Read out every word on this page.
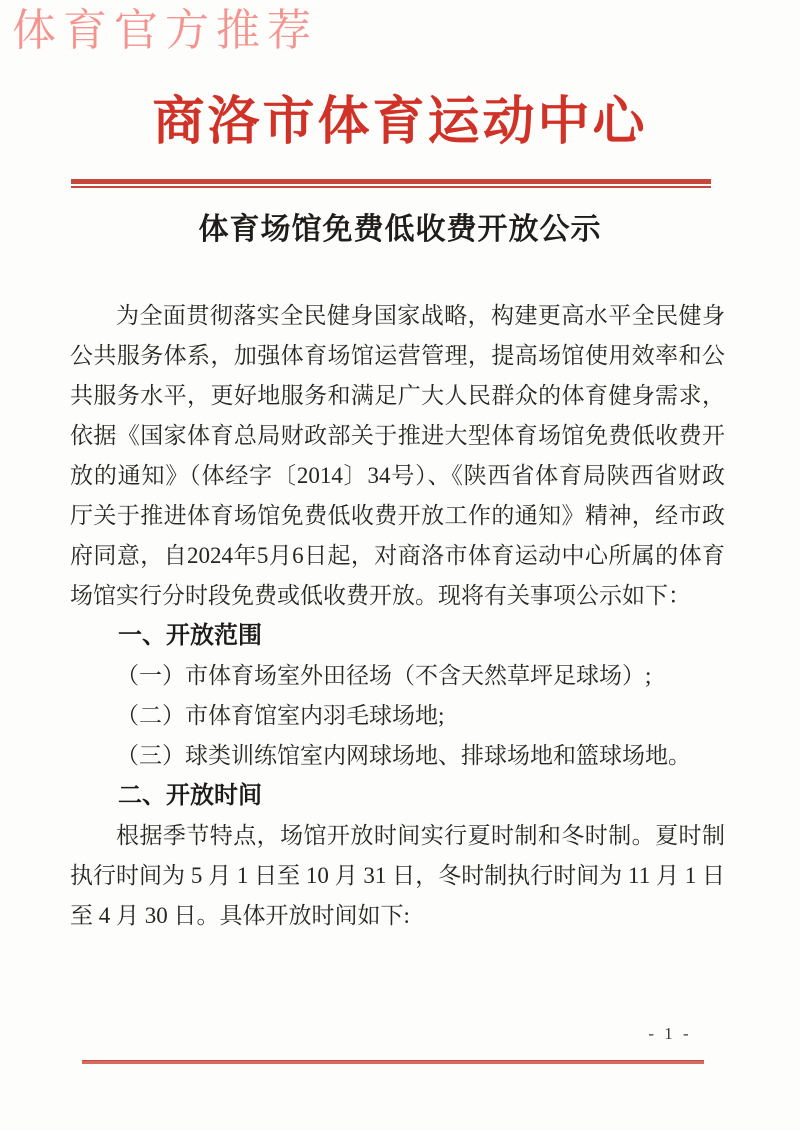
体育官方推荐
商洛市体育运动中心
体育场馆免费低收费开放公示

为全面贯彻落实全民健身国家战略，构建更高水平全民健身公共服务体系，加强体育场馆运营管理，提高场馆使用效率和公共服务水平，更好地服务和满足广大人民群众的体育健身需求，依据《国家体育总局财政部关于推进大型体育场馆免费低收费开放的通知》（体经字〔2014〕34号）、《陕西省体育局陕西省财政厅关于推进体育场馆免费低收费开放工作的通知》精神，经市政府同意，自2024年5月6日起，对商洛市体育运动中心所属的体育场馆实行分时段免费或低收费开放。现将有关事项公示如下：

一、开放范围

（一）市体育场室外田径场（不含天然草坪足球场）;

（二）市体育馆室内羽毛球场地;

（三）球类训练馆室内网球场地、排球场地和篮球场地。

二、开放时间

根据季节特点，场馆开放时间实行夏时制和冬时制。夏时制执行时间为 5 月 1 日至 10 月 31 日，冬时制执行时间为 11 月 1 日至 4 月 30 日。具体开放时间如下:

- 1 -
